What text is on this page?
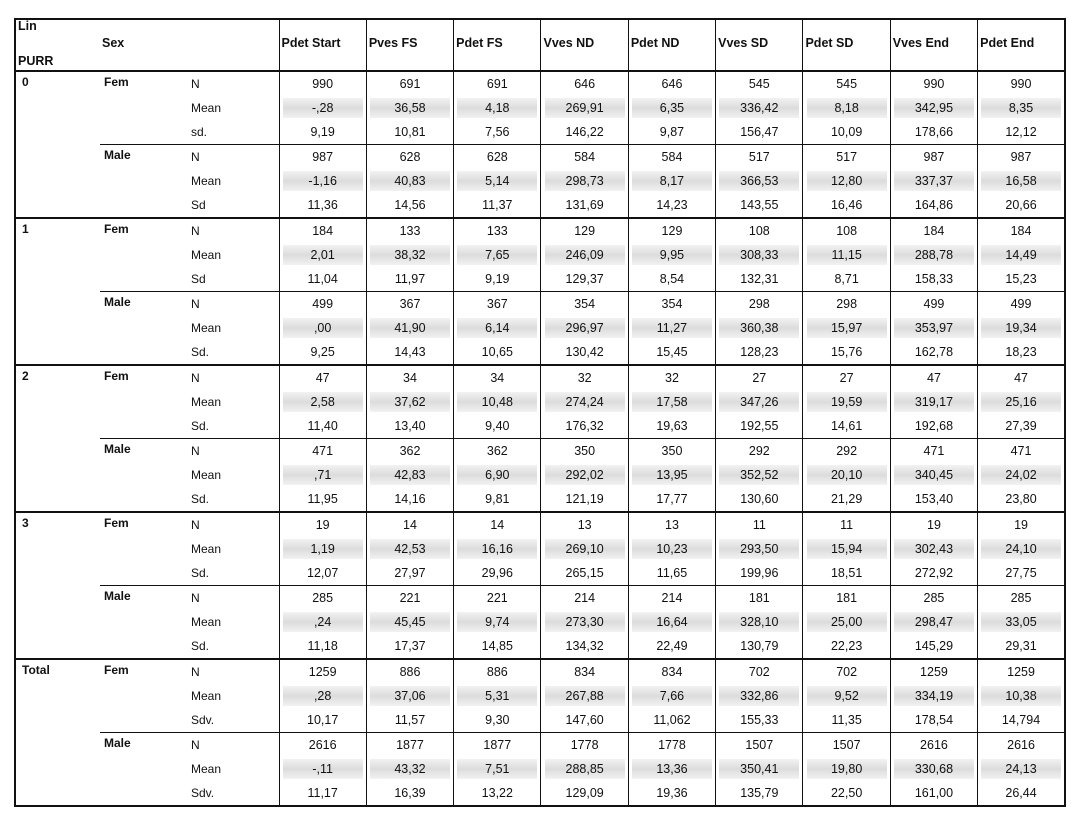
Lin
PURR	Sex		Pdet Start	Pves FS	Pdet FS	Vves ND	Pdet ND	Vves SD	Pdet SD	Vves End	Pdet End
0	Fem	N	990	691	691	646	646	545	545	990	990
		Mean	-,28	36,58	4,18	269,91	6,35	336,42	8,18	342,95	8,35
		sd.	9,19	10,81	7,56	146,22	9,87	156,47	10,09	178,66	12,12
	Male	N	987	628	628	584	584	517	517	987	987
		Mean	-1,16	40,83	5,14	298,73	8,17	366,53	12,80	337,37	16,58
		Sd	11,36	14,56	11,37	131,69	14,23	143,55	16,46	164,86	20,66
1	Fem	N	184	133	133	129	129	108	108	184	184
		Mean	2,01	38,32	7,65	246,09	9,95	308,33	11,15	288,78	14,49
		Sd	11,04	11,97	9,19	129,37	8,54	132,31	8,71	158,33	15,23
	Male	N	499	367	367	354	354	298	298	499	499
		Mean	,00	41,90	6,14	296,97	11,27	360,38	15,97	353,97	19,34
		Sd.	9,25	14,43	10,65	130,42	15,45	128,23	15,76	162,78	18,23
2	Fem	N	47	34	34	32	32	27	27	47	47
		Mean	2,58	37,62	10,48	274,24	17,58	347,26	19,59	319,17	25,16
		Sd.	11,40	13,40	9,40	176,32	19,63	192,55	14,61	192,68	27,39
	Male	N	471	362	362	350	350	292	292	471	471
		Mean	,71	42,83	6,90	292,02	13,95	352,52	20,10	340,45	24,02
		Sd.	11,95	14,16	9,81	121,19	17,77	130,60	21,29	153,40	23,80
3	Fem	N	19	14	14	13	13	11	11	19	19
		Mean	1,19	42,53	16,16	269,10	10,23	293,50	15,94	302,43	24,10
		Sd.	12,07	27,97	29,96	265,15	11,65	199,96	18,51	272,92	27,75
	Male	N	285	221	221	214	214	181	181	285	285
		Mean	,24	45,45	9,74	273,30	16,64	328,10	25,00	298,47	33,05
		Sd.	11,18	17,37	14,85	134,32	22,49	130,79	22,23	145,29	29,31
Total	Fem	N	1259	886	886	834	834	702	702	1259	1259
		Mean	,28	37,06	5,31	267,88	7,66	332,86	9,52	334,19	10,38
		Sdv.	10,17	11,57	9,30	147,60	11,062	155,33	11,35	178,54	14,794
	Male	N	2616	1877	1877	1778	1778	1507	1507	2616	2616
		Mean	-,11	43,32	7,51	288,85	13,36	350,41	19,80	330,68	24,13
		Sdv.	11,17	16,39	13,22	129,09	19,36	135,79	22,50	161,00	26,44
